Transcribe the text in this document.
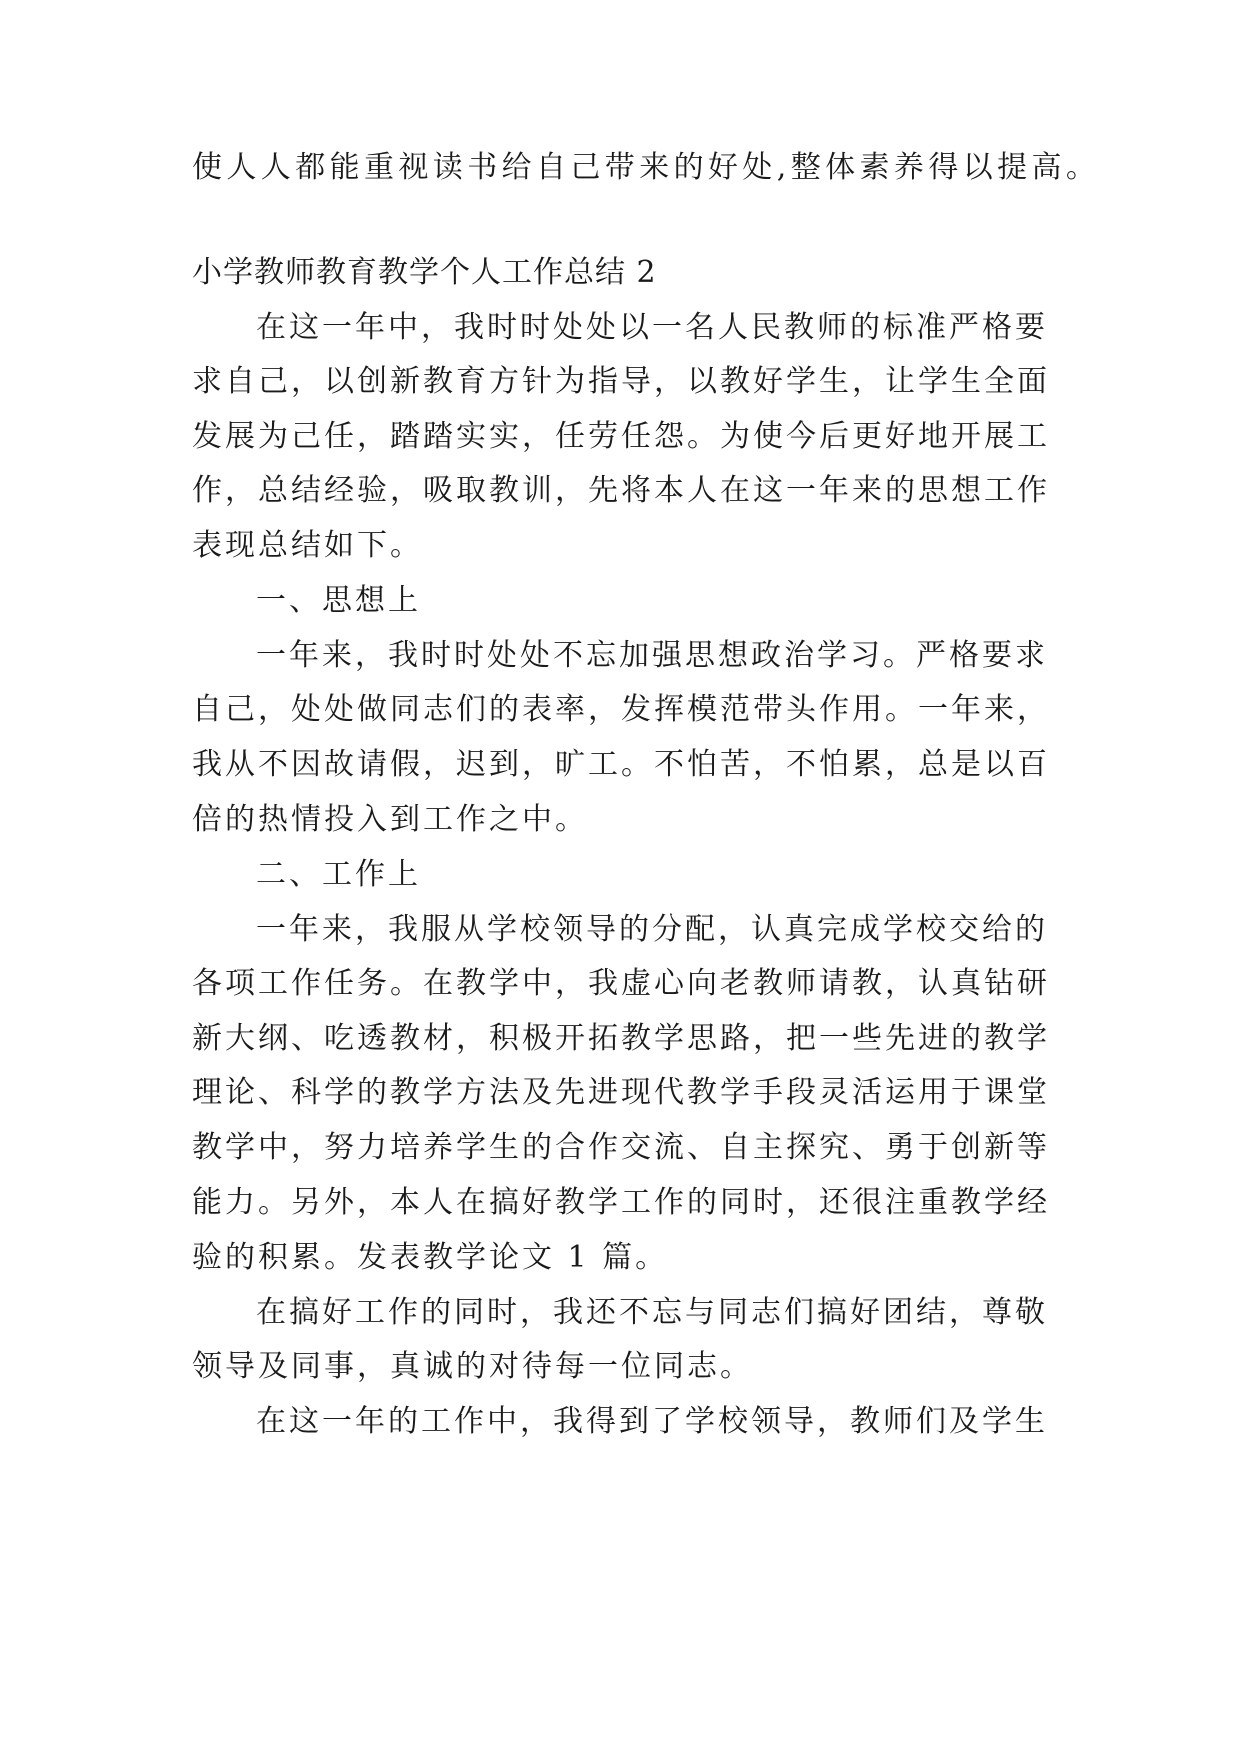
使人人都能重视读书给自己带来的好处,整体素养得以提高。
小学教师教育教学个人工作总结 2
在这一年中，我时时处处以一名人民教师的标准严格要
求自己，以创新教育方针为指导，以教好学生，让学生全面
发展为己任，踏踏实实，任劳任怨。为使今后更好地开展工
作，总结经验，吸取教训，先将本人在这一年来的思想工作
表现总结如下。
一、思想上
一年来，我时时处处不忘加强思想政治学习。严格要求
自己，处处做同志们的表率，发挥模范带头作用。一年来，
我从不因故请假，迟到，旷工。不怕苦，不怕累，总是以百
倍的热情投入到工作之中。
二、工作上
一年来，我服从学校领导的分配，认真完成学校交给的
各项工作任务。在教学中，我虚心向老教师请教，认真钻研
新大纲、吃透教材，积极开拓教学思路，把一些先进的教学
理论、科学的教学方法及先进现代教学手段灵活运用于课堂
教学中，努力培养学生的合作交流、自主探究、勇于创新等
能力。另外，本人在搞好教学工作的同时，还很注重教学经
验的积累。发表教学论文 1 篇。
在搞好工作的同时，我还不忘与同志们搞好团结，尊敬
领导及同事，真诚的对待每一位同志。
在这一年的工作中，我得到了学校领导，教师们及学生
